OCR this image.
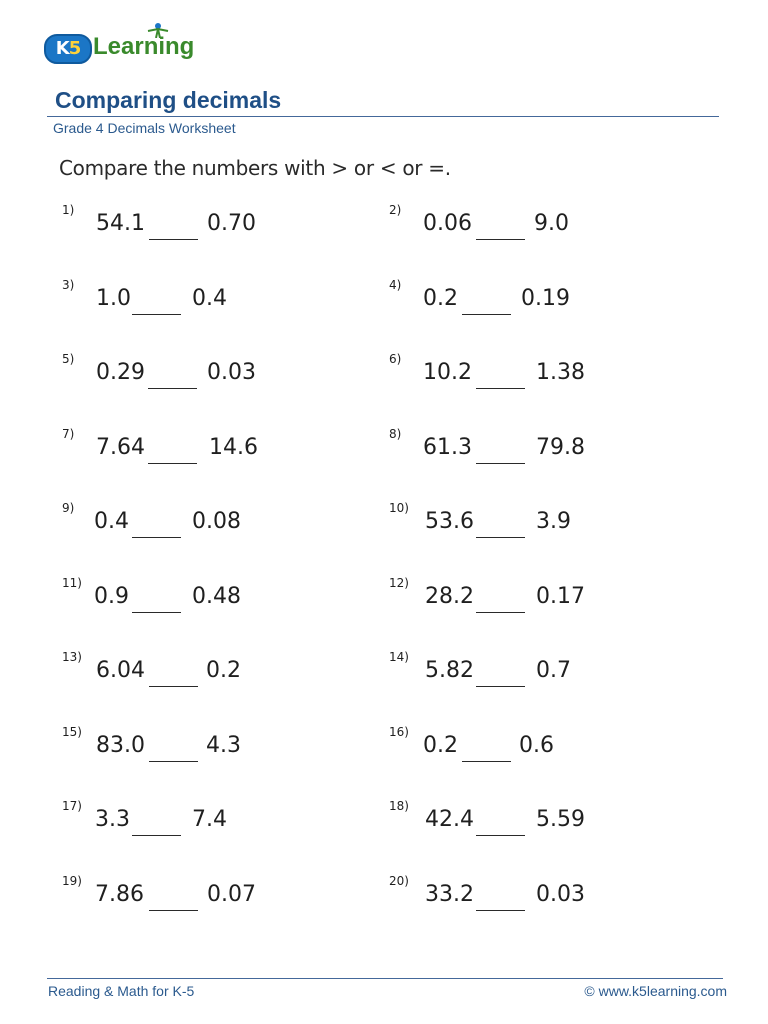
K5 Learning
Comparing decimals
Grade 4 Decimals Worksheet
Compare the numbers with > or < or =.
1)
54.1	0.70
2)
0.06	9.0
3)
1.0	0.4
4)
0.2	0.19
5)
0.29	0.03
6)
10.2	1.38
7)
7.64	14.6
8)
61.3	79.8
9)
0.4	0.08
10)
53.6	3.9
11)
0.9	0.48
12)
28.2	0.17
13)
6.04	0.2
14)
5.82	0.7
15)
83.0	4.3
16)
0.2	0.6
17)
3.3	7.4
18)
42.4	5.59
19)
7.86	0.07
20)
33.2	0.03
Reading & Math for K-5	© www.k5learning.com
